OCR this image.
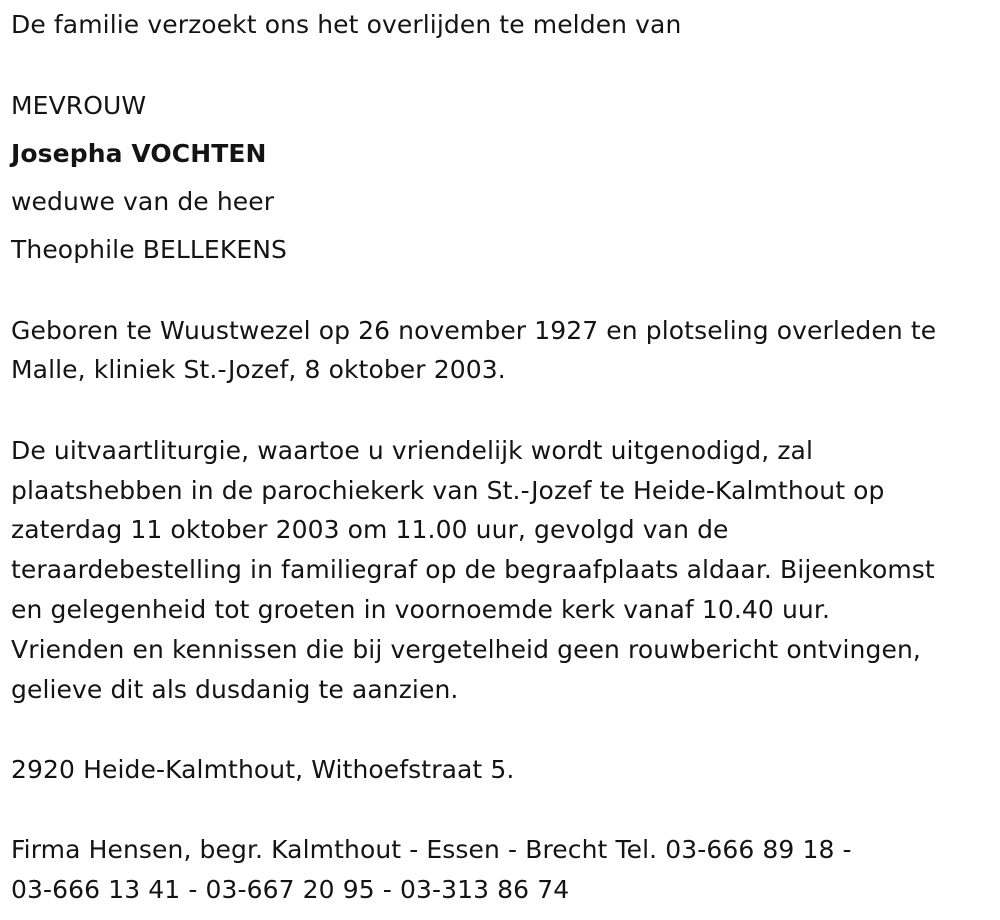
De familie verzoekt ons het overlijden te melden van
MEVROUW
Josepha VOCHTEN
weduwe van de heer
Theophile BELLEKENS
Geboren te Wuustwezel op 26 november 1927 en plotseling overleden te
Malle, kliniek St.-Jozef, 8 oktober 2003.
De uitvaartliturgie, waartoe u vriendelijk wordt uitgenodigd, zal
plaatshebben in de parochiekerk van St.-Jozef te Heide-Kalmthout op
zaterdag 11 oktober 2003 om 11.00 uur, gevolgd van de
teraardebestelling in familiegraf op de begraafplaats aldaar. Bijeenkomst
en gelegenheid tot groeten in voornoemde kerk vanaf 10.40 uur.
Vrienden en kennissen die bij vergetelheid geen rouwbericht ontvingen,
gelieve dit als dusdanig te aanzien.
2920 Heide-Kalmthout, Withoefstraat 5.
Firma Hensen, begr. Kalmthout - Essen - Brecht Tel. 03-666 89 18 -
03-666 13 41 - 03-667 20 95 - 03-313 86 74
